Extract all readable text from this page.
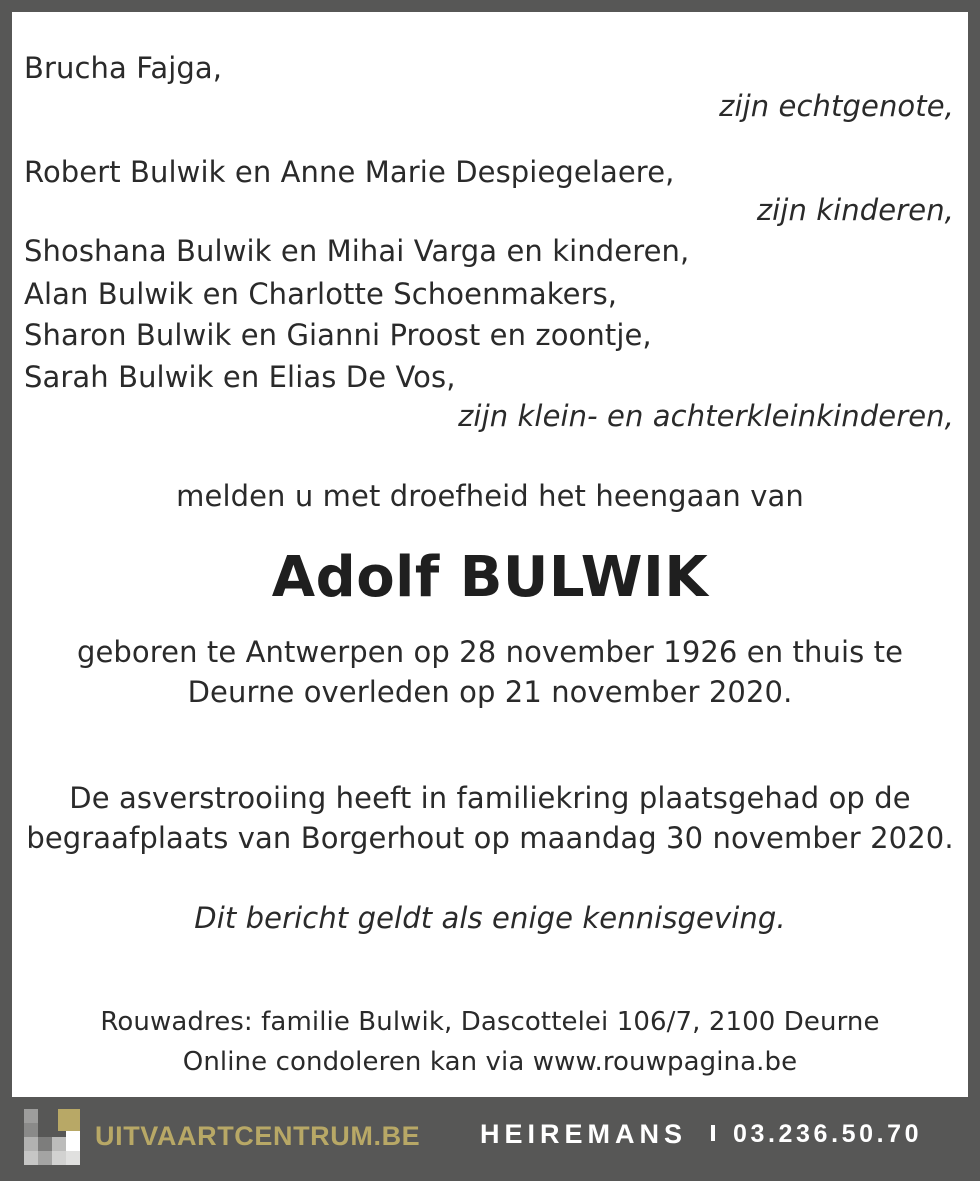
Brucha Fajga,
zijn echtgenote,
Robert Bulwik en Anne Marie Despiegelaere,
zijn kinderen,
Shoshana Bulwik en Mihai Varga en kinderen,
Alan Bulwik en Charlotte Schoenmakers,
Sharon Bulwik en Gianni Proost en zoontje,
Sarah Bulwik en Elias De Vos,
zijn klein- en achterkleinkinderen,
melden u met droefheid het heengaan van
Adolf BULWIK
geboren te Antwerpen op 28 november 1926 en thuis te
Deurne overleden op 21 november 2020.
De asverstrooiing heeft in familiekring plaatsgehad op de
begraafplaats van Borgerhout op maandag 30 november 2020.
Dit bericht geldt als enige kennisgeving.
Rouwadres: familie Bulwik, Dascottelei 106/7, 2100 Deurne
Online condoleren kan via www.rouwpagina.be
UITVAARTCENTRUM.BE HEIREMANS 03.236.50.70
